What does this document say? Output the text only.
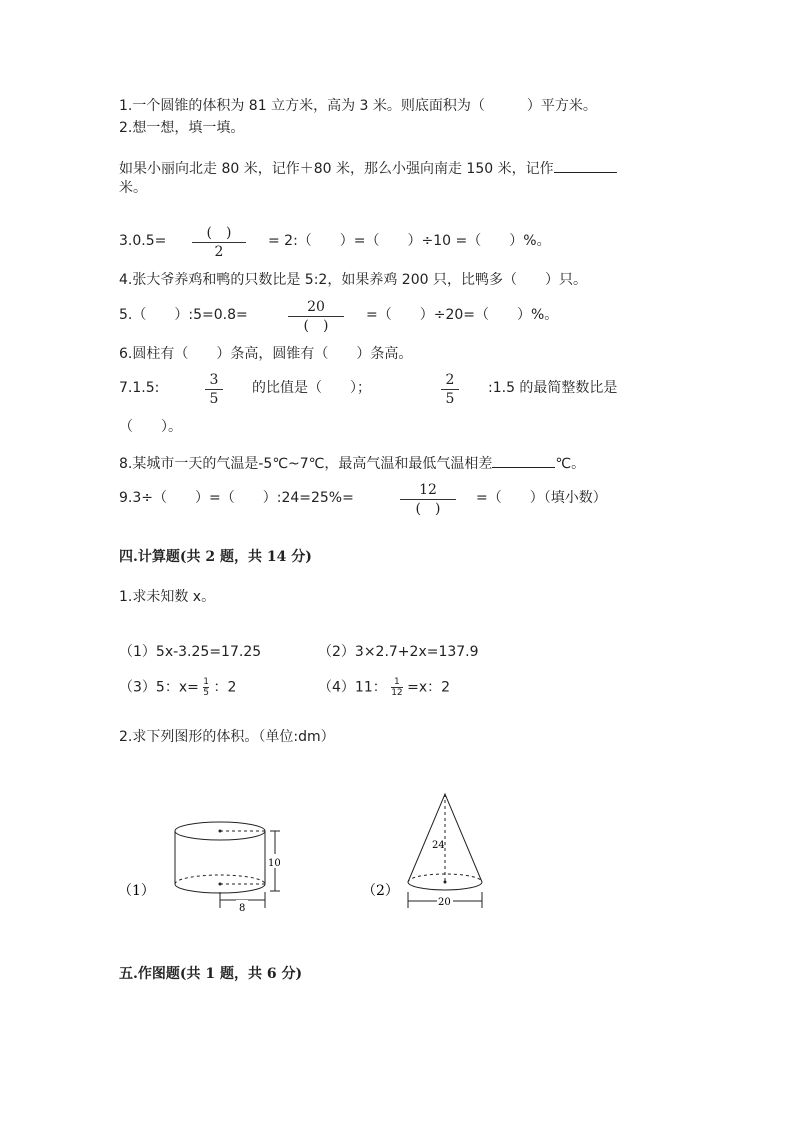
1.一个圆锥的体积为 81 立方米，高为 3 米。则底面积为（　　　）平方米。
2.想一想，填一填。
如果小丽向北走 80 米，记作＋80 米，那么小强向南走 150 米，记作
米。
3.0.5=	(　)
2
= 2:（　　）=（　　）÷10 =（　　）%。
4.张大爷养鸡和鸭的只数比是 5:2，如果养鸡 200 只，比鸭多（　　）只。
5.（　　）:5=0.8=	20
(　)
=（　　）÷20=（　　）%。
6.圆柱有（　　）条高，圆锥有（　　）条高。
7.1.5:	3
5
的比值是（　　）；	2
5
:1.5 的最简整数比是
（　　）。
8.某城市一天的气温是-5℃~7℃，最高气温和最低气温相差	℃。
9.3÷（　　）=（　　）:24=25%=	12
(　)
=（　　）（填小数）
四.计算题(共 2 题，共 14 分)
1.求未知数 x。
（1）5x-3.25=17.25	（2）3×2.7+2x=137.9
（3）5：$x= \frac{1}{5}$ ：2	（4）11： $\frac{1}{12} =x$：2
2.求下列图形的体积。（单位:dm）
（1）
10
8
（2）
24
20
五.作图题(共 1 题，共 6 分)
